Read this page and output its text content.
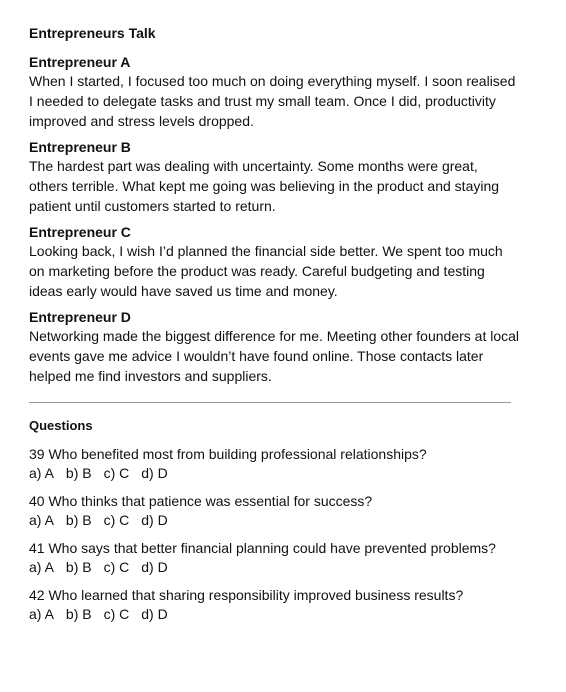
Entrepreneurs Talk
Entrepreneur A
When I started, I focused too much on doing everything myself. I soon realised I needed to delegate tasks and trust my small team. Once I did, productivity improved and stress levels dropped.
Entrepreneur B
The hardest part was dealing with uncertainty. Some months were great, others terrible. What kept me going was believing in the product and staying patient until customers started to return.
Entrepreneur C
Looking back, I wish I’d planned the financial side better. We spent too much on marketing before the product was ready. Careful budgeting and testing ideas early would have saved us time and money.
Entrepreneur D
Networking made the biggest difference for me. Meeting other founders at local events gave me advice I wouldn’t have found online. Those contacts later helped me find investors and suppliers.
Questions
39 Who benefited most from building professional relationships?
a) A b) B c) C d) D
40 Who thinks that patience was essential for success?
a) A b) B c) C d) D
41 Who says that better financial planning could have prevented problems?
a) A b) B c) C d) D
42 Who learned that sharing responsibility improved business results?
a) A b) B c) C d) D
